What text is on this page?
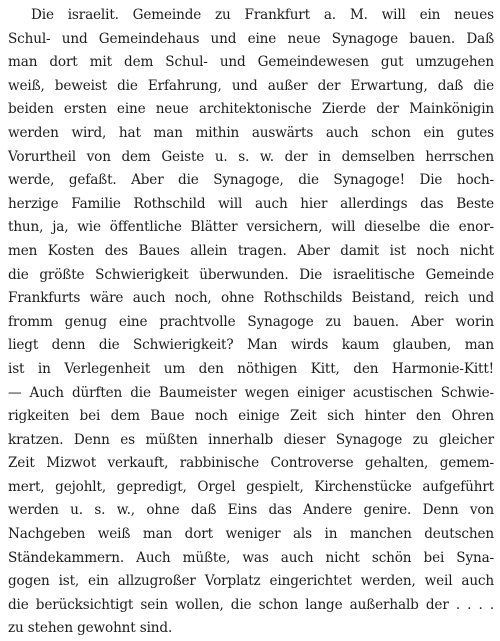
Die israelit. Gemeinde zu Frankfurt a. M. will ein neues
Schul- und Gemeindehaus und eine neue Synagoge bauen. Daß
man dort mit dem Schul- und Gemeindewesen gut umzugehen
weiß, beweist die Erfahrung, und außer der Erwartung, daß die
beiden ersten eine neue architektonische Zierde der Mainkönigin
werden wird, hat man mithin auswärts auch schon ein gutes
Vorurtheil von dem Geiste u. s. w. der in demselben herrschen
werde, gefaßt. Aber die Synagoge, die Synagoge! Die hoch-
herzige Familie Rothschild will auch hier allerdings das Beste
thun, ja, wie öffentliche Blätter versichern, will dieselbe die enor-
men Kosten des Baues allein tragen. Aber damit ist noch nicht
die größte Schwierigkeit überwunden. Die israelitische Gemeinde
Frankfurts wäre auch noch, ohne Rothschilds Beistand, reich und
fromm genug eine prachtvolle Synagoge zu bauen. Aber worin
liegt denn die Schwierigkeit? Man wirds kaum glauben, man
ist in Verlegenheit um den nöthigen Kitt, den Harmonie-Kitt!
— Auch dürften die Baumeister wegen einiger acustischen Schwie-
rigkeiten bei dem Baue noch einige Zeit sich hinter den Ohren
kratzen. Denn es müßten innerhalb dieser Synagoge zu gleicher
Zeit Mizwot verkauft, rabbinische Controverse gehalten, gemem-
mert, gejohlt, gepredigt, Orgel gespielt, Kirchenstücke aufgeführt
werden u. s. w., ohne daß Eins das Andere genire. Denn von
Nachgeben weiß man dort weniger als in manchen deutschen
Ständekammern. Auch müßte, was auch nicht schön bei Syna-
gogen ist, ein allzugroßer Vorplatz eingerichtet werden, weil auch
die berücksichtigt sein wollen, die schon lange außerhalb der . . . .
zu stehen gewohnt sind.
